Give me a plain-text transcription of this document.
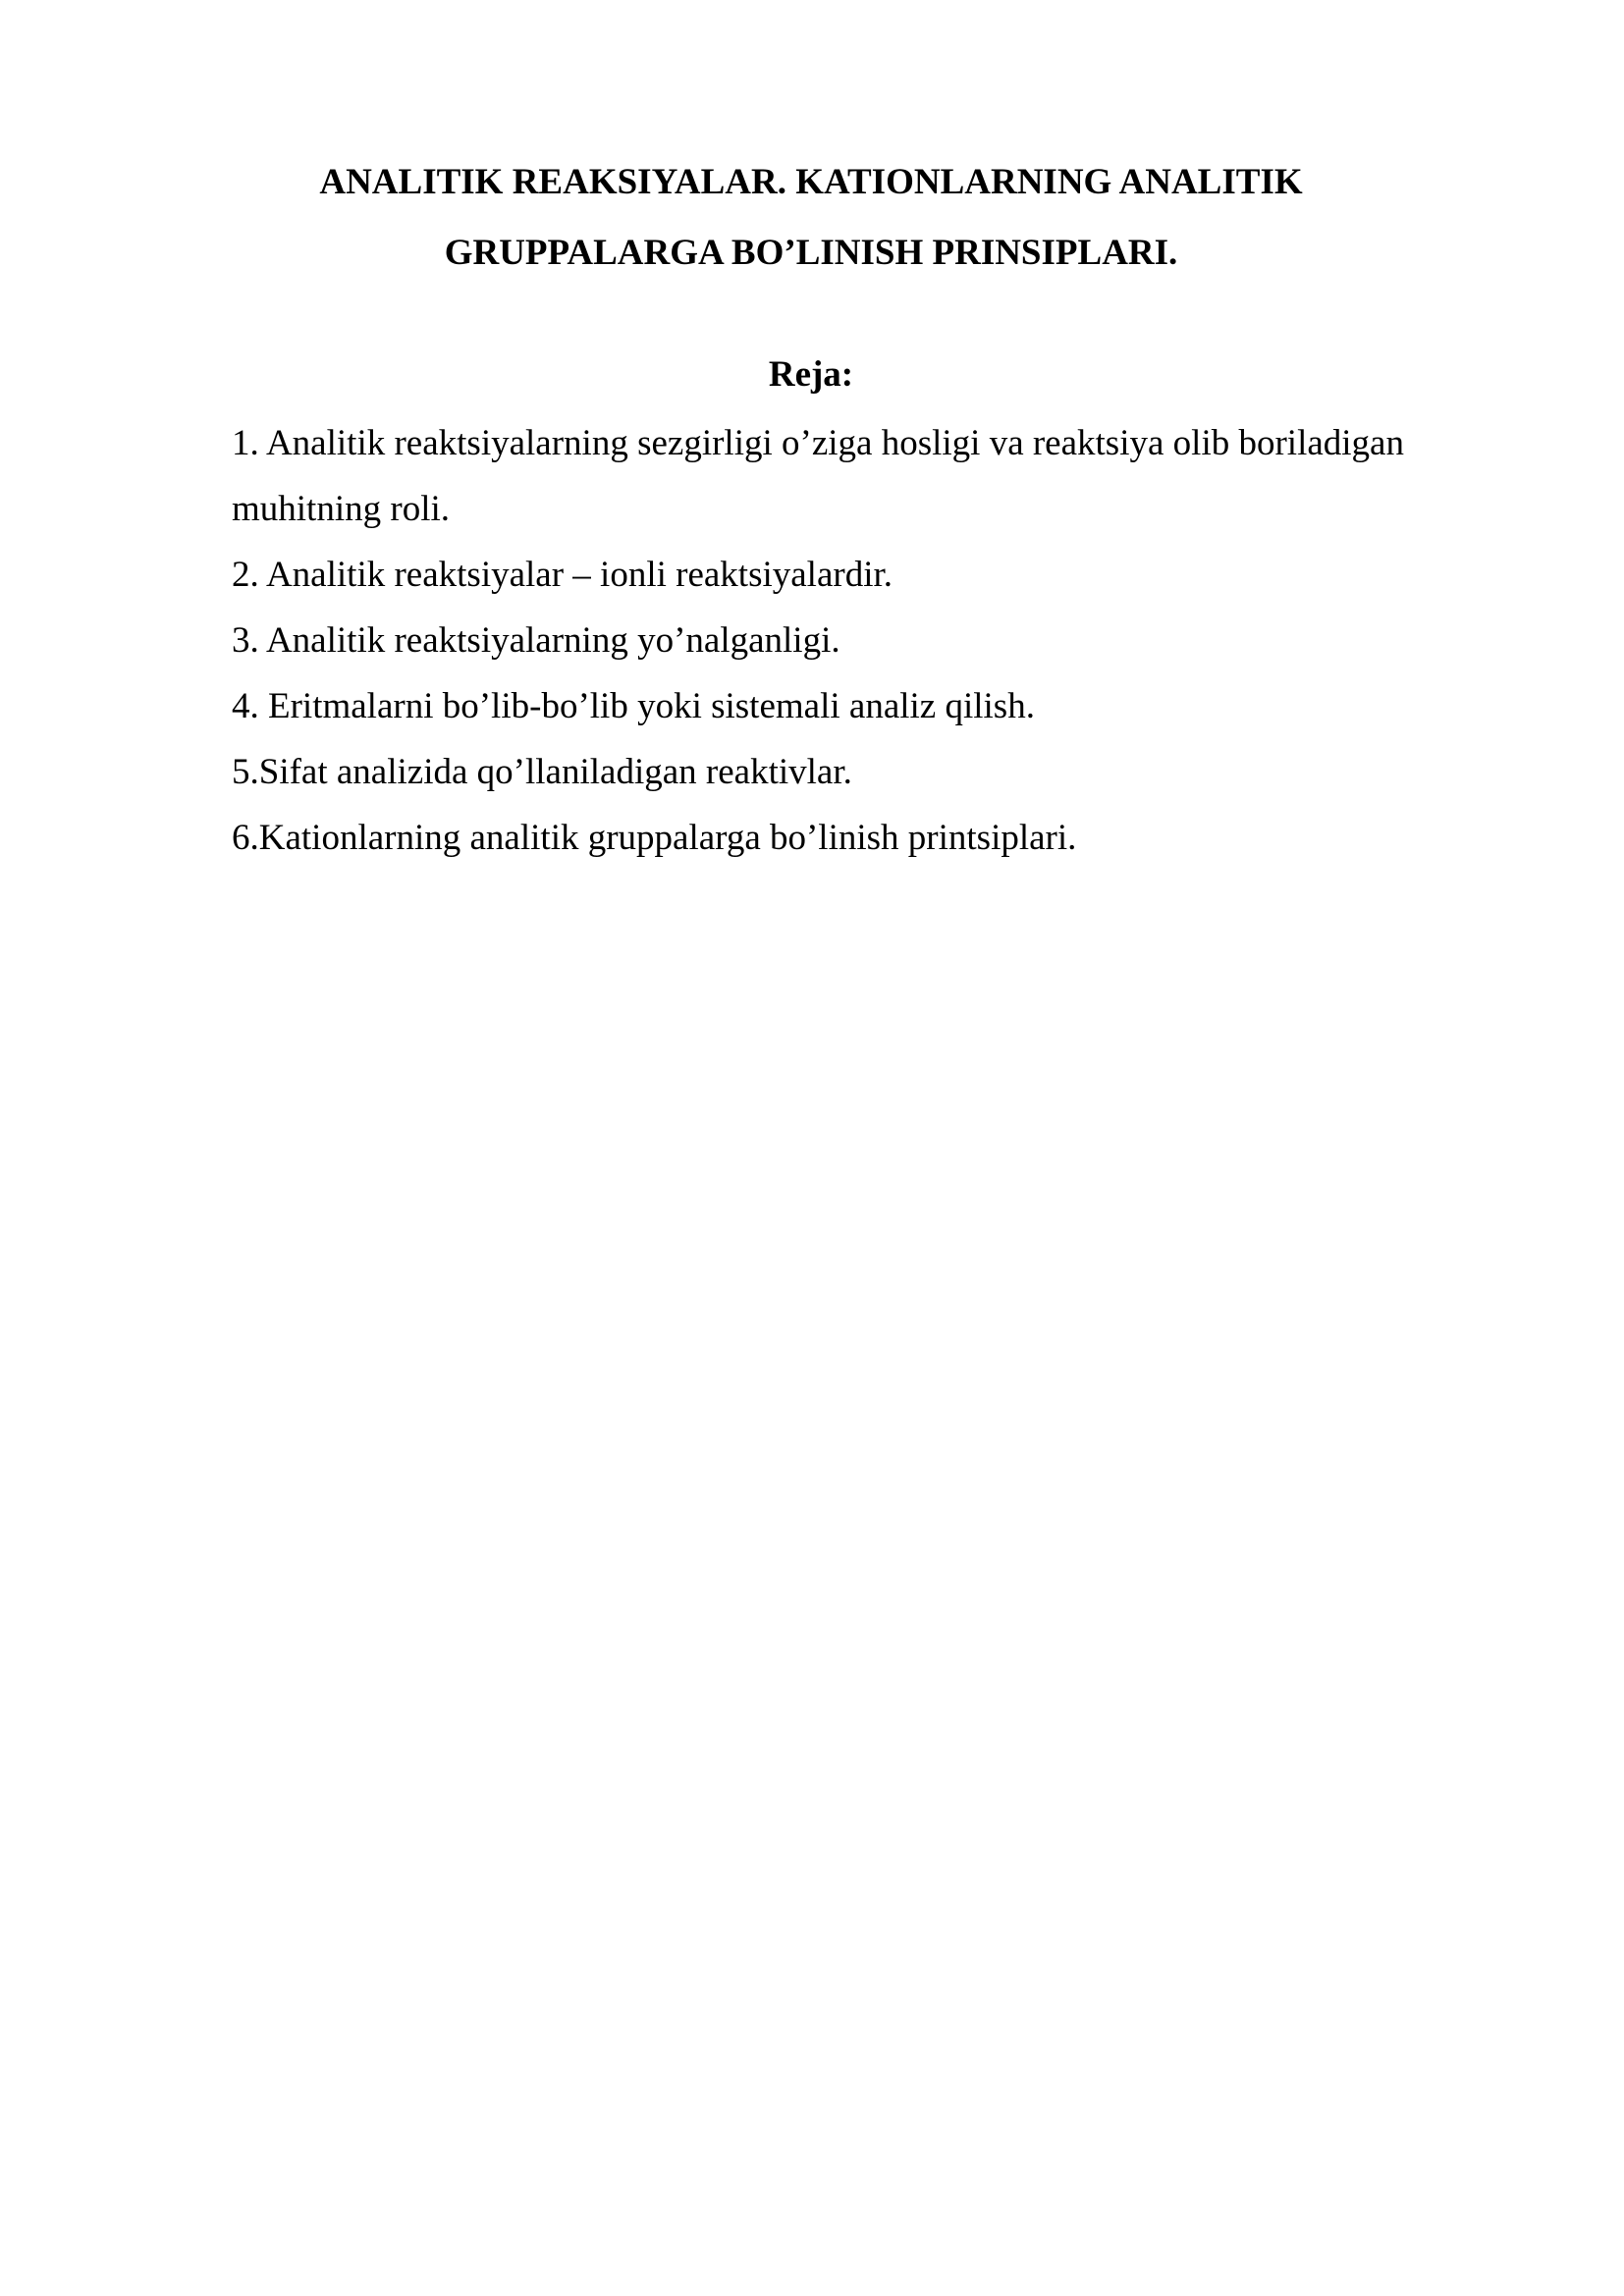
ANALITIK REAKSIYALAR. KATIONLARNING ANALITIK
GRUPPALARGA BO’LINISH PRINSIPLARI.
Reja:
1. Analitik reaktsiyalarning sezgirligi o’ziga hosligi va reaktsiya olib boriladigan
muhitning roli.
2. Analitik reaktsiyalar – ionli reaktsiyalardir.
3. Analitik reaktsiyalarning yo’nalganligi.
4. Eritmalarni bo’lib-bo’lib yoki sistemali analiz qilish.
5.Sifat analizida qo’llaniladigan reaktivlar.
6.Kationlarning analitik gruppalarga bo’linish printsiplari.
